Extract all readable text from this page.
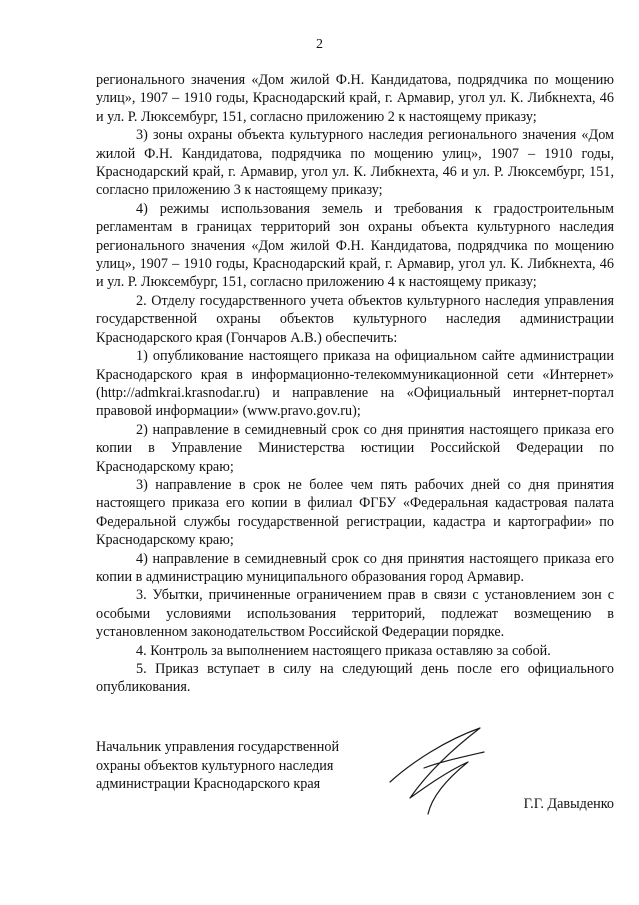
2

регионального значения «Дом жилой Ф.Н. Кандидатова, подрядчика по мощению улиц», 1907 – 1910 годы, Краснодарский край, г. Армавир, угол ул. К. Либкнехта, 46 и ул. Р. Люксембург, 151, согласно приложению 2 к настоящему приказу;

3) зоны охраны объекта культурного наследия регионального значения «Дом жилой Ф.Н. Кандидатова, подрядчика по мощению улиц», 1907 – 1910 годы, Краснодарский край, г. Армавир, угол ул. К. Либкнехта, 46 и ул. Р. Люксембург, 151, согласно приложению 3 к настоящему приказу;

4) режимы использования земель и требования к градостроительным регламентам в границах территорий зон охраны объекта культурного наследия регионального значения «Дом жилой Ф.Н. Кандидатова, подрядчика по мощению улиц», 1907 – 1910 годы, Краснодарский край, г. Армавир, угол ул. К. Либкнехта, 46 и ул. Р. Люксембург, 151, согласно приложению 4 к настоящему приказу;

2. Отделу государственного учета объектов культурного наследия управления государственной охраны объектов культурного наследия администрации Краснодарского края (Гончаров А.В.) обеспечить:

1) опубликование настоящего приказа на официальном сайте администрации Краснодарского края в информационно-телекоммуникационной сети «Интернет» (http://admkrai.krasnodar.ru) и направление на «Официальный интернет-портал правовой информации» (www.pravo.gov.ru);

2) направление в семидневный срок со дня принятия настоящего приказа его копии в Управление Министерства юстиции Российской Федерации по Краснодарскому краю;

3) направление в срок не более чем пять рабочих дней со дня принятия настоящего приказа его копии в филиал ФГБУ «Федеральная кадастровая палата Федеральной службы государственной регистрации, кадастра и картографии» по Краснодарскому краю;

4) направление в семидневный срок со дня принятия настоящего приказа его копии в администрацию муниципального образования город Армавир.

3. Убытки, причиненные ограничением прав в связи с установлением зон с особыми условиями использования территорий, подлежат возмещению в установленном законодательством Российской Федерации порядке.

4. Контроль за выполнением настоящего приказа оставляю за собой.

5. Приказ вступает в силу на следующий день после его официального опубликования.

Начальник управления государственной
охраны объектов культурного наследия
администрации Краснодарского края
Г.Г. Давыденко
